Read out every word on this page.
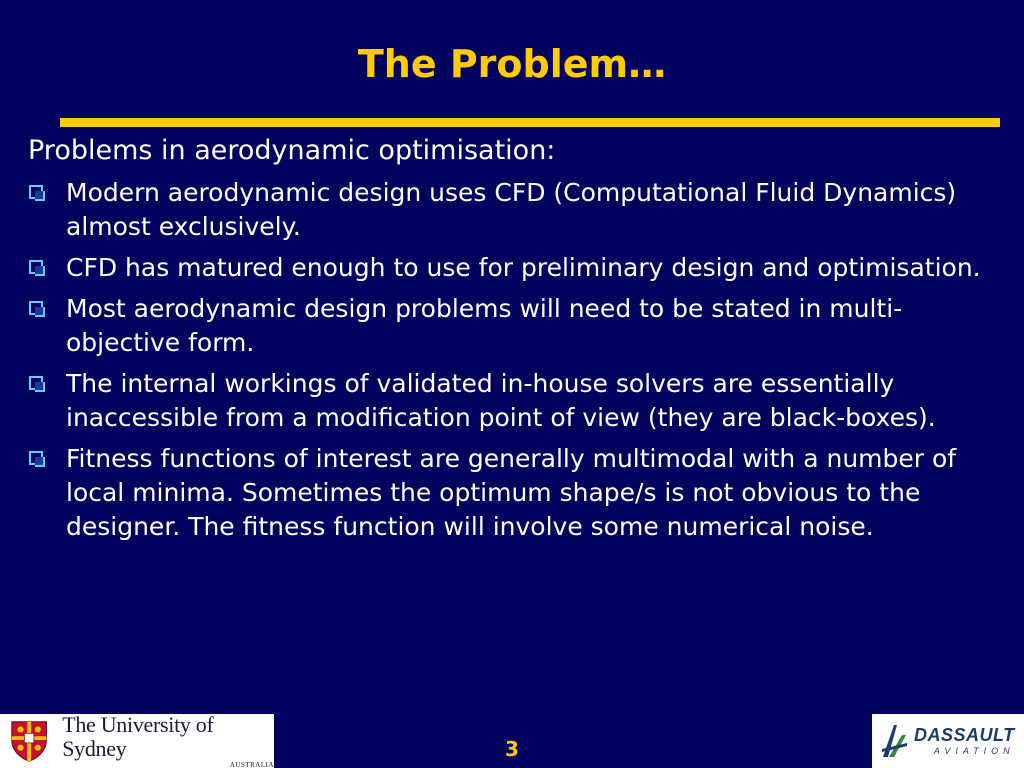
The Problem…

Problems in aerodynamic optimisation:

Modern aerodynamic design uses CFD (Computational Fluid Dynamics) almost exclusively.
CFD has matured enough to use for preliminary design and optimisation.
Most aerodynamic design problems will need to be stated in multi-objective form.
The internal workings of validated in-house solvers are essentially inaccessible from a modification point of view (they are black-boxes).
Fitness functions of interest are generally multimodal with a number of local minima. Sometimes the optimum shape/s is not obvious to the designer. The fitness function will involve some numerical noise.
The University of Sydney
AUSTRALIA
3
DASSAULT
AVIATION
